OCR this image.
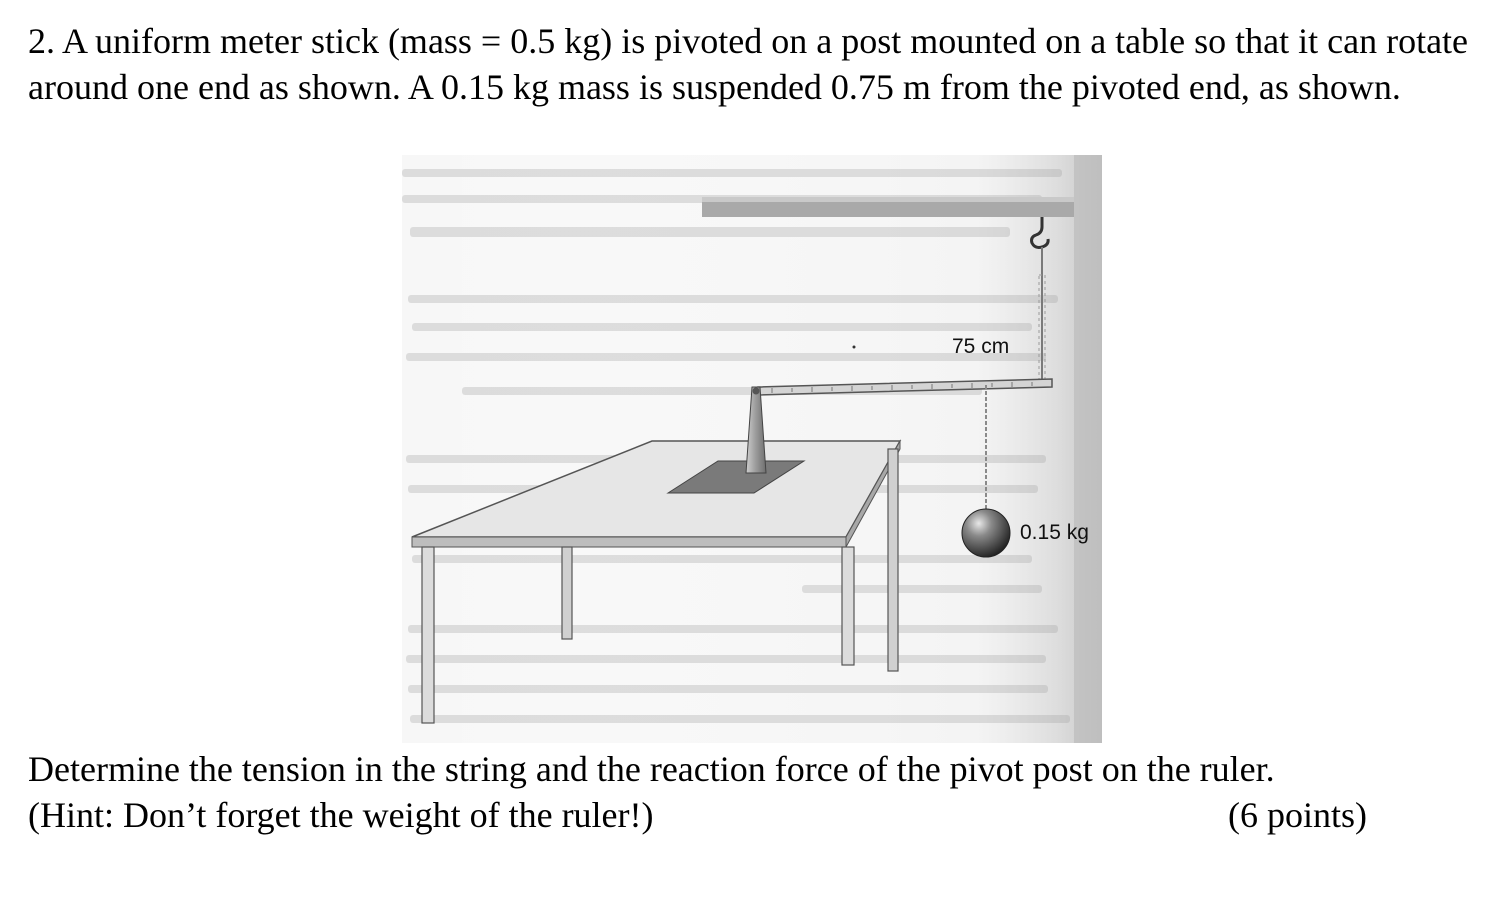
2. A uniform meter stick (mass = 0.5 kg) is pivoted on a post mounted on a table so that it can rotate around one end as shown. A 0.15 kg mass is suspended 0.75 m from the pivoted end, as shown.

75 cm
0.15 kg
Determine the tension in the string and the reaction force of the pivot post on the ruler.
(Hint: Don’t forget the weight of the ruler!)	(6 points)
